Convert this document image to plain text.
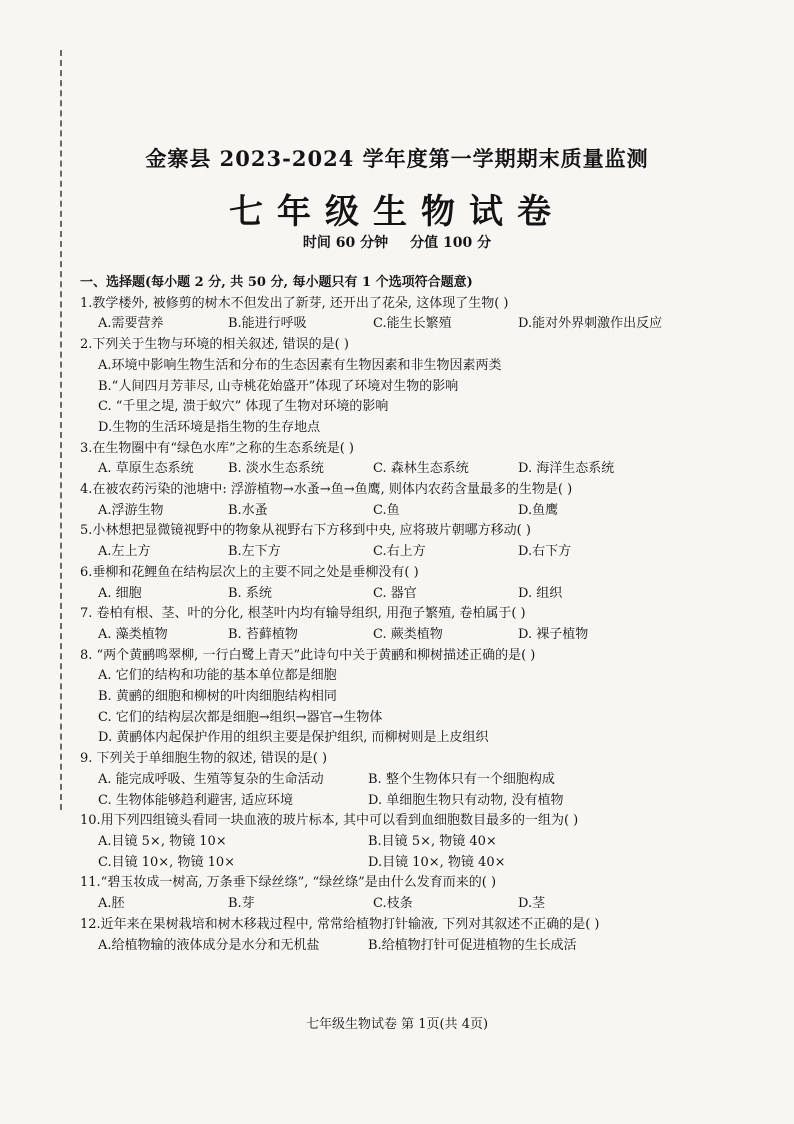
金寨县 2023-2024 学年度第一学期期末质量监测
七年级生物试卷
时间 60 分钟 分值 100 分
一、选择题(每小题 2 分, 共 50 分, 每小题只有 1 个选项符合题意)
1.教学楼外, 被修剪的树木不但发出了新芽, 还开出了花朵, 这体现了生物( )
A.需要营养	B.能进行呼吸	C.能生长繁殖	D.能对外界刺激作出反应
2.下列关于生物与环境的相关叙述, 错误的是( )
A.环境中影响生物生活和分布的生态因素有生物因素和非生物因素两类
B.“人间四月芳菲尽, 山寺桃花始盛开”体现了环境对生物的影响
C. “千里之堤, 溃于蚁穴” 体现了生物对环境的影响
D.生物的生活环境是指生物的生存地点
3.在生物圈中有“绿色水库”之称的生态系统是( )
A. 草原生态系统	B. 淡水生态系统	C. 森林生态系统	D. 海洋生态系统
4.在被农药污染的池塘中: 浮游植物→水蚤→鱼→鱼鹰, 则体内农药含量最多的生物是( )
A.浮游生物	B.水蚤	C.鱼	D.鱼鹰
5.小林想把显微镜视野中的物象从视野右下方移到中央, 应将玻片朝哪方移动( )
A.左上方	B.左下方	C.右上方	D.右下方
6.垂柳和花鲤鱼在结构层次上的主要不同之处是垂柳没有( )
A. 细胞	B. 系统	C. 器官	D. 组织
7. 卷柏有根、茎、叶的分化, 根茎叶内均有输导组织, 用孢子繁殖, 卷柏属于( )
A. 藻类植物	B. 苔藓植物	C. 蕨类植物	D. 裸子植物
8. “两个黄鹂鸣翠柳, 一行白鹭上青天”此诗句中关于黄鹂和柳树描述正确的是( )
A. 它们的结构和功能的基本单位都是细胞
B. 黄鹂的细胞和柳树的叶肉细胞结构相同
C. 它们的结构层次都是细胞→组织→器官→生物体
D. 黄鹂体内起保护作用的组织主要是保护组织, 而柳树则是上皮组织
9. 下列关于单细胞生物的叙述, 错误的是( )
A. 能完成呼吸、生殖等复杂的生命活动	B. 整个生物体只有一个细胞构成
C. 生物体能够趋利避害, 适应环境	D. 单细胞生物只有动物, 没有植物
10.用下列四组镜头看同一块血液的玻片标本, 其中可以看到血细胞数目最多的一组为( )
A.目镜 5×, 物镜 10×	B.目镜 5×, 物镜 40×
C.目镜 10×, 物镜 10×	D.目镜 10×, 物镜 40×
11.“碧玉妆成一树高, 万条垂下绿丝绦”, “绿丝绦”是由什么发育而来的( )
A.胚	B.芽	C.枝条	D.茎
12.近年来在果树栽培和树木移栽过程中, 常常给植物打针输液, 下列对其叙述不正确的是( )
A.给植物输的液体成分是水分和无机盐	B.给植物打针可促进植物的生长成活
七年级生物试卷 第 1页(共 4页)
